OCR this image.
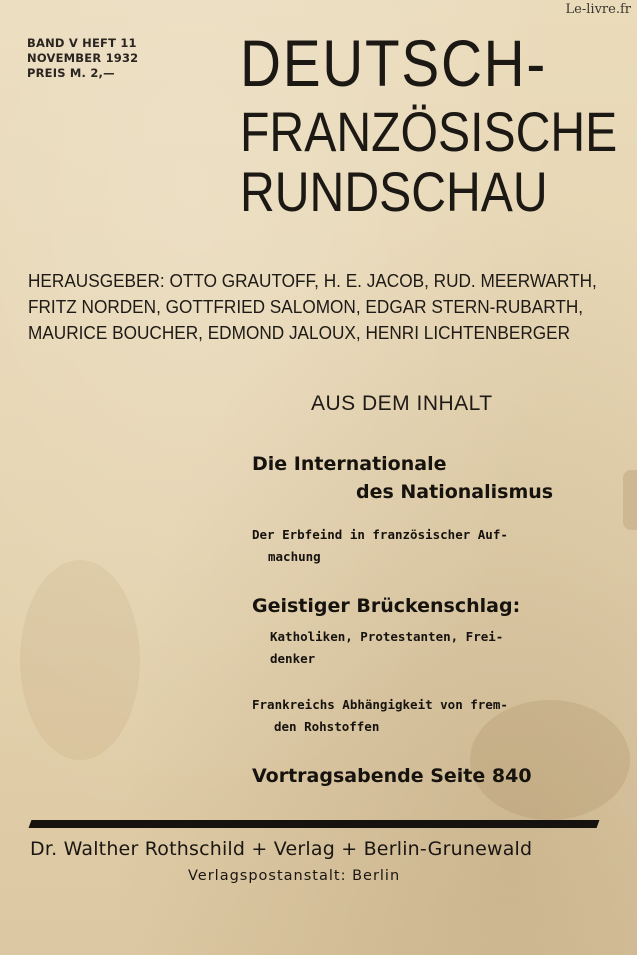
Le-livre.fr
BAND V HEFT 11
NOVEMBER 1932
PREIS M. 2,—	DEUTSCH-
FRANZÖSISCHE
RUNDSCHAU
HERAUSGEBER: OTTO GRAUTOFF, H. E. JACOB, RUD. MEERWARTH,
FRITZ NORDEN, GOTTFRIED SALOMON, EDGAR STERN-RUBARTH,
MAURICE BOUCHER, EDMOND JALOUX, HENRI LICHTENBERGER
AUS DEM INHALT
Die Internationale
des Nationalismus
Der Erbfeind in französischer Auf-
machung
Geistiger Brückenschlag:
Katholiken, Protestanten, Frei-
denker
Frankreichs Abhängigkeit von frem-
den Rohstoffen
Vortragsabende Seite 840
Dr. Walther Rothschild + Verlag + Berlin-Grunewald
Verlagspostanstalt: Berlin
